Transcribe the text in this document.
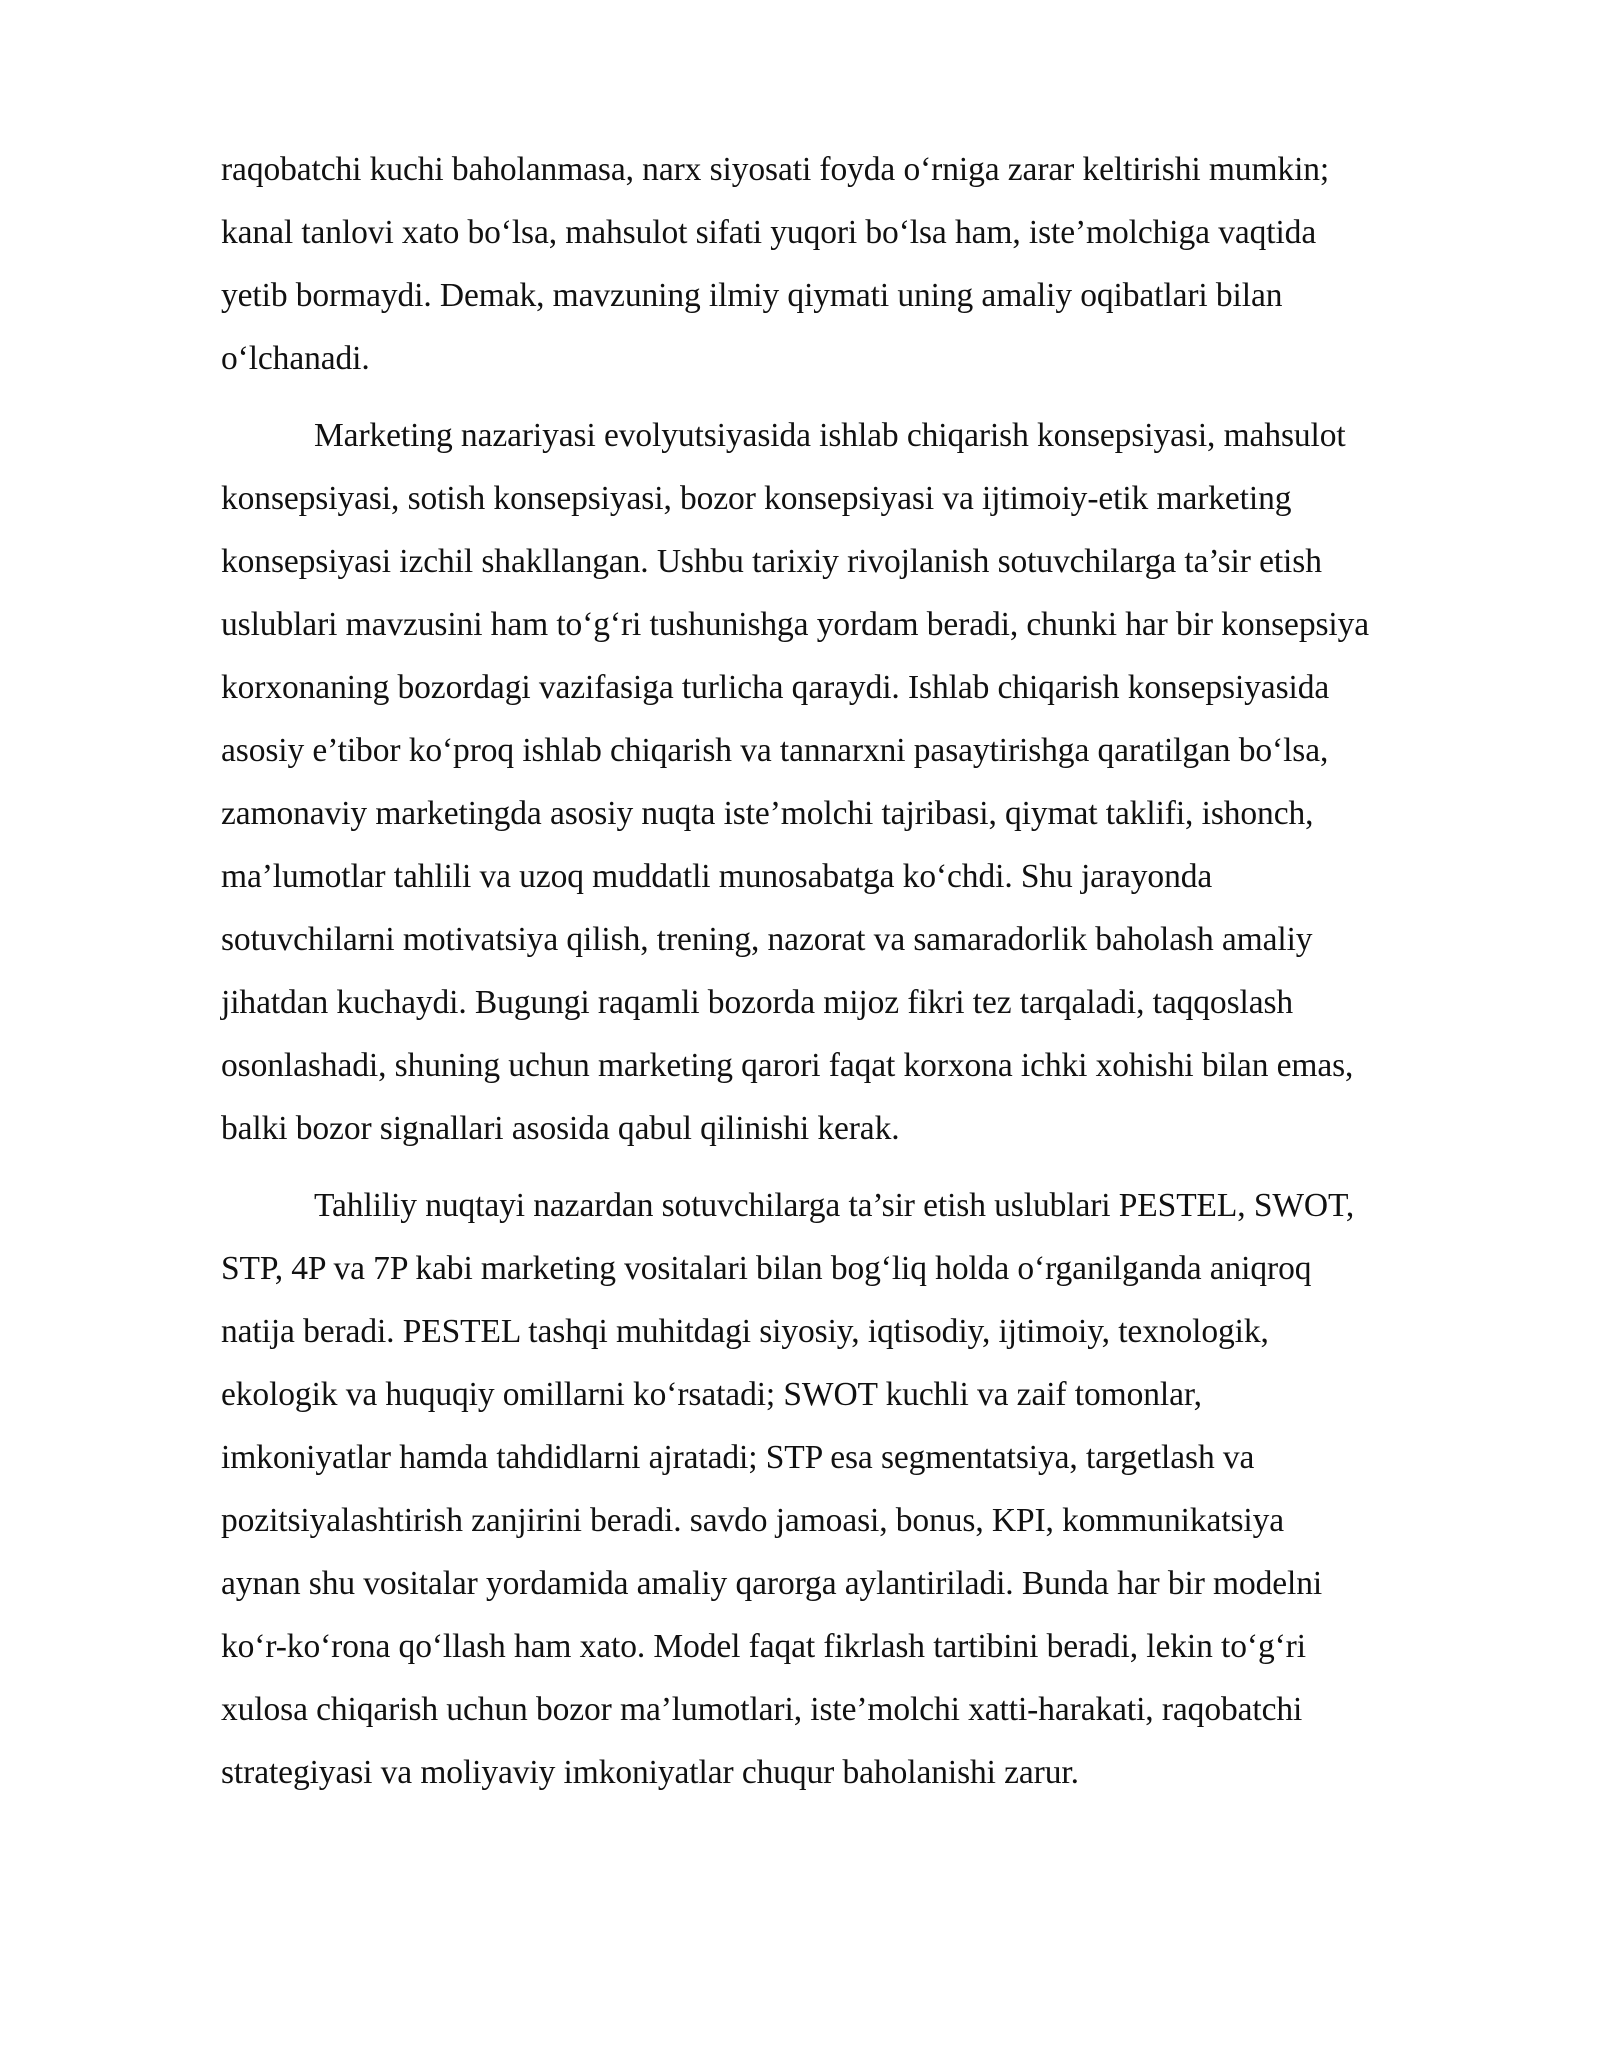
raqobatchi kuchi baholanmasa, narx siyosati foyda o‘rniga zarar keltirishi mumkin;
kanal tanlovi xato bo‘lsa, mahsulot sifati yuqori bo‘lsa ham, iste’molchiga vaqtida
yetib bormaydi. Demak, mavzuning ilmiy qiymati uning amaliy oqibatlari bilan
o‘lchanadi.

Marketing nazariyasi evolyutsiyasida ishlab chiqarish konsepsiyasi, mahsulot
konsepsiyasi, sotish konsepsiyasi, bozor konsepsiyasi va ijtimoiy-etik marketing
konsepsiyasi izchil shakllangan. Ushbu tarixiy rivojlanish sotuvchilarga ta’sir etish
uslublari mavzusini ham to‘g‘ri tushunishga yordam beradi, chunki har bir konsepsiya
korxonaning bozordagi vazifasiga turlicha qaraydi. Ishlab chiqarish konsepsiyasida
asosiy e’tibor ko‘proq ishlab chiqarish va tannarxni pasaytirishga qaratilgan bo‘lsa,
zamonaviy marketingda asosiy nuqta iste’molchi tajribasi, qiymat taklifi, ishonch,
ma’lumotlar tahlili va uzoq muddatli munosabatga ko‘chdi. Shu jarayonda
sotuvchilarni motivatsiya qilish, trening, nazorat va samaradorlik baholash amaliy
jihatdan kuchaydi. Bugungi raqamli bozorda mijoz fikri tez tarqaladi, taqqoslash
osonlashadi, shuning uchun marketing qarori faqat korxona ichki xohishi bilan emas,
balki bozor signallari asosida qabul qilinishi kerak.

Tahliliy nuqtayi nazardan sotuvchilarga ta’sir etish uslublari PESTEL, SWOT,
STP, 4P va 7P kabi marketing vositalari bilan bog‘liq holda o‘rganilganda aniqroq
natija beradi. PESTEL tashqi muhitdagi siyosiy, iqtisodiy, ijtimoiy, texnologik,
ekologik va huquqiy omillarni ko‘rsatadi; SWOT kuchli va zaif tomonlar,
imkoniyatlar hamda tahdidlarni ajratadi; STP esa segmentatsiya, targetlash va
pozitsiyalashtirish zanjirini beradi. savdo jamoasi, bonus, KPI, kommunikatsiya
aynan shu vositalar yordamida amaliy qarorga aylantiriladi. Bunda har bir modelni
ko‘r-ko‘rona qo‘llash ham xato. Model faqat fikrlash tartibini beradi, lekin to‘g‘ri
xulosa chiqarish uchun bozor ma’lumotlari, iste’molchi xatti-harakati, raqobatchi
strategiyasi va moliyaviy imkoniyatlar chuqur baholanishi zarur.
